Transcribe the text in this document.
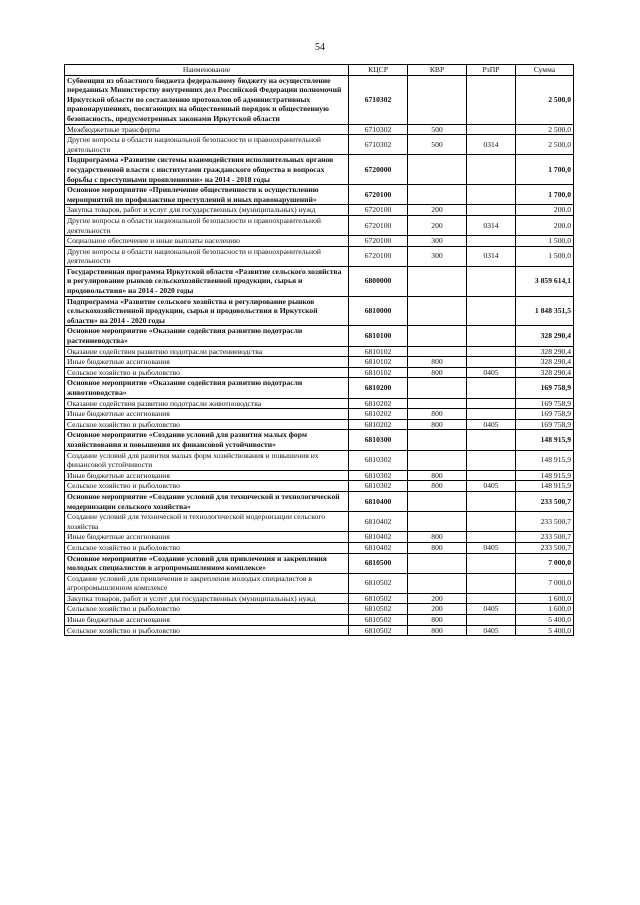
54
Наименование	КЦСР	КВР	РзПР	Сумма
Субвенция из областного бюджета федеральному бюджету на осуществление переданных Министерству внутренних дел Российской Федерации полномочий Иркутской области по составлению протоколов об административных правонарушениях, посягающих на общественный порядок и общественную безопасность, предусмотренных законами Иркутской области	6710302			2 500,0
Межбюджетные трансферты	6710302	500		2 500,0
Другие вопросы в области национальной безопасности и правоохранительной деятельности	6710302	500	0314	2 500,0
Подпрограмма «Развитие системы взаимодействия исполнительных органов государственной власти с институтами гражданского общества в вопросах борьбы с преступными проявлениями» на 2014 - 2018 годы	6720000			1 700,0
Основное мероприятие «Привлечение общественности к осуществлению мероприятий по профилактике преступлений и иных правонарушений»	6720100			1 700,0
Закупка товаров, работ и услуг для государственных (муниципальных) нужд	6720100	200		200,0
Другие вопросы в области национальной безопасности и правоохранительной деятельности	6720100	200	0314	200,0
Социальное обеспечение и иные выплаты населению	6720100	300		1 500,0
Другие вопросы в области национальной безопасности и правоохранительной деятельности	6720100	300	0314	1 500,0
Государственная программа Иркутской области «Развитие сельского хозяйства и регулирование рынков сельскохозяйственной продукции, сырья и продовольствия» на 2014 - 2020 годы	6800000			3 859 614,1
Подпрограмма «Развитие сельского хозяйства и регулирование рынков сельскохозяйственной продукции, сырья и продовольствия в Иркутской области» на 2014 - 2020 годы	6810000			1 848 351,5
Основное мероприятие «Оказание содействия развитию подотрасли растениеводства»	6810100			328 290,4
Оказание содействия развитию подотрасли растениеводства	6810102			328 290,4
Иные бюджетные ассигнования	6810102	800		328 290,4
Сельское хозяйство и рыболовство	6810102	800	0405	328 290,4
Основное мероприятие «Оказание содействия развитию подотрасли животноводства»	6810200			169 758,9
Оказание содействия развитию подотрасли животноводства	6810202			169 758,9
Иные бюджетные ассигнования	6810202	800		169 758,9
Сельское хозяйство и рыболовство	6810202	800	0405	169 758,9
Основное мероприятие «Создание условий для развития малых форм хозяйствования и повышения их финансовой устойчивости»	6810300			148 915,9
Создание условий для развития малых форм хозяйствования и повышения их финансовой устойчивости	6810302			148 915,9
Иные бюджетные ассигнования	6810302	800		148 915,9
Сельское хозяйство и рыболовство	6810302	800	0405	148 915,9
Основное мероприятие «Создание условий для технической и технологической модернизации сельского хозяйства»	6810400			233 500,7
Создание условий для технической и технологической модернизации сельского хозяйства	6810402			233 500,7
Иные бюджетные ассигнования	6810402	800		233 500,7
Сельское хозяйство и рыболовство	6810402	800	0405	233 500,7
Основное мероприятие «Создание условий для привлечения и закрепления молодых специалистов в агропромышленном комплексе»	6810500			7 000,0
Создание условий для привлечения и закрепления молодых специалистов в агропромышленном комплексе	6810502			7 000,0
Закупка товаров, работ и услуг для государственных (муниципальных) нужд	6810502	200		1 600,0
Сельское хозяйство и рыболовство	6810502	200	0405	1 600,0
Иные бюджетные ассигнования	6810502	800		5 400,0
Сельское хозяйство и рыболовство	6810502	800	0405	5 400,0
